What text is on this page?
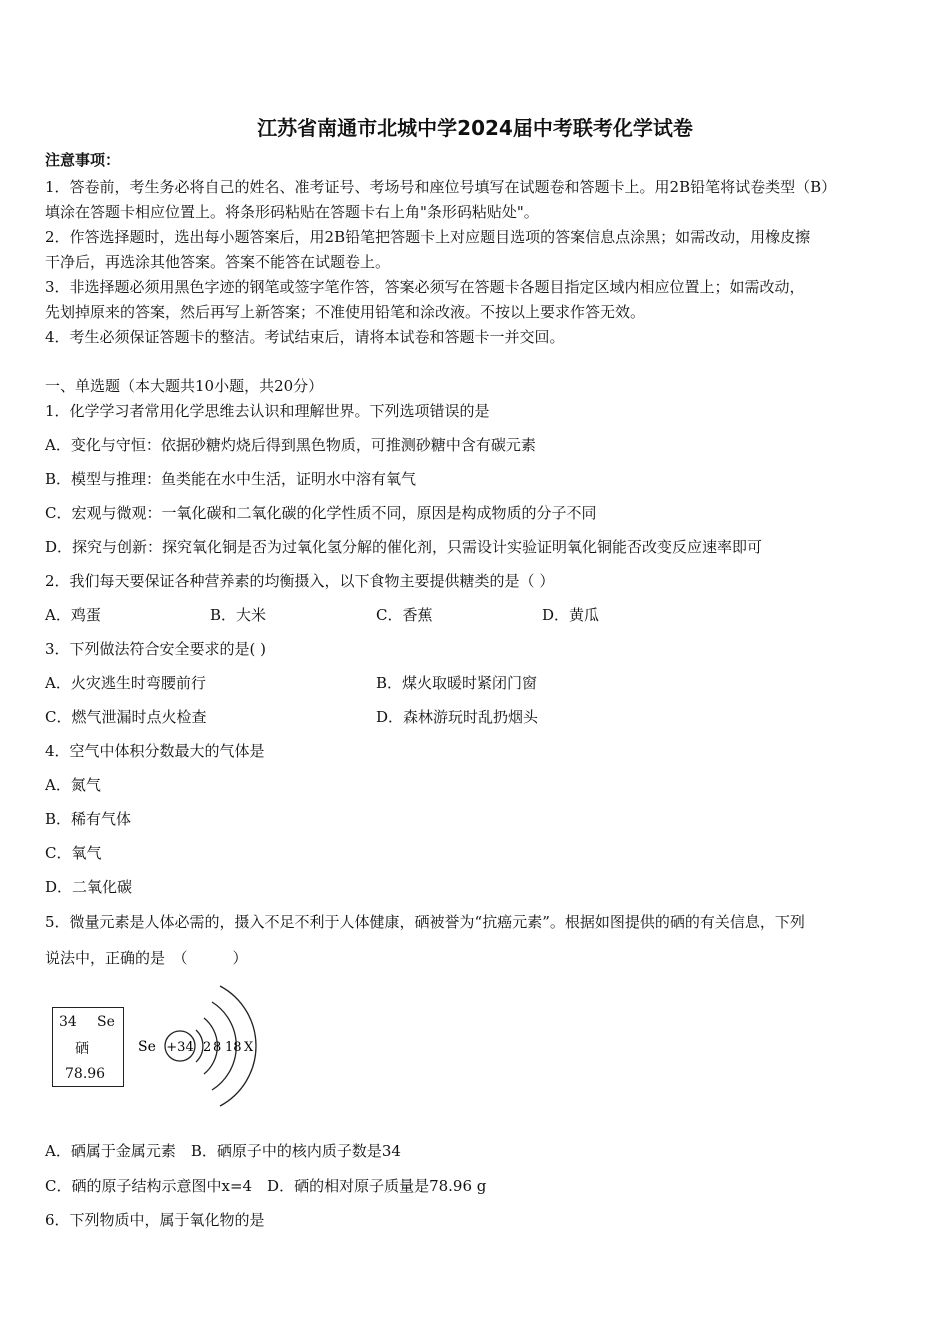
江苏省南通市北城中学2024届中考联考化学试卷
注意事项：
1．答卷前，考生务必将自己的姓名、准考证号、考场号和座位号填写在试题卷和答题卡上。用2B铅笔将试卷类型（B）
填涂在答题卡相应位置上。将条形码粘贴在答题卡右上角"条形码粘贴处"。
2．作答选择题时，选出每小题答案后，用2B铅笔把答题卡上对应题目选项的答案信息点涂黑；如需改动，用橡皮擦
干净后，再选涂其他答案。答案不能答在试题卷上。
3．非选择题必须用黑色字迹的钢笔或签字笔作答，答案必须写在答题卡各题目指定区域内相应位置上；如需改动，
先划掉原来的答案，然后再写上新答案；不准使用铅笔和涂改液。不按以上要求作答无效。
4．考生必须保证答题卡的整洁。考试结束后，请将本试卷和答题卡一并交回。
一、单选题（本大题共10小题，共20分）
1．化学学习者常用化学思维去认识和理解世界。下列选项错误的是
A．变化与守恒：依据砂糖灼烧后得到黑色物质，可推测砂糖中含有碳元素
B．模型与推理：鱼类能在水中生活，证明水中溶有氧气
C．宏观与微观：一氧化碳和二氧化碳的化学性质不同，原因是构成物质的分子不同
D．探究与创新：探究氧化铜是否为过氧化氢分解的催化剂，只需设计实验证明氧化铜能否改变反应速率即可
2．我们每天要保证各种营养素的均衡摄入，以下食物主要提供糖类的是（ ）
A．鸡蛋	B．大米	C．香蕉	D．黄瓜
3．下列做法符合安全要求的是( )
A．火灾逃生时弯腰前行	B．煤火取暖时紧闭门窗
C．燃气泄漏时点火检查	D．森林游玩时乱扔烟头
4．空气中体积分数最大的气体是
A．氮气
B．稀有气体
C．氧气
D．二氧化碳
5．微量元素是人体必需的，摄入不足不利于人体健康，硒被誉为“抗癌元素”。根据如图提供的硒的有关信息，下列
说法中，正确的是　（　　　）
34 Se
硒
78.96
Se +34 2 8 18 X
A．硒属于金属元素　B．硒原子中的核内质子数是34
C．硒的原子结构示意图中x=4　D．硒的相对原子质量是78.96 g
6．下列物质中，属于氧化物的是
